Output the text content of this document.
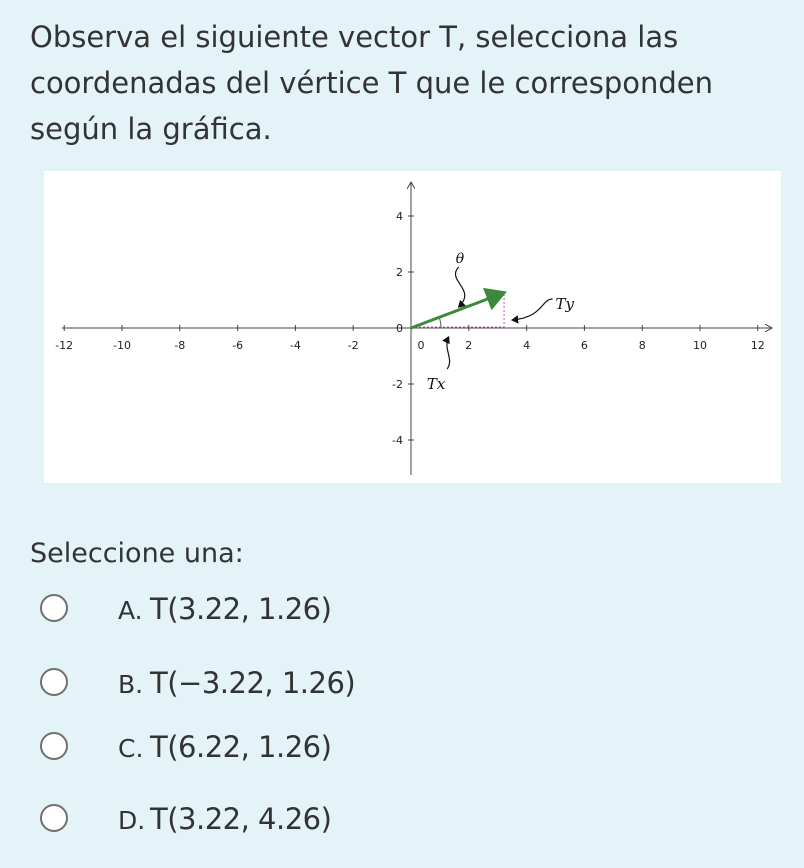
Observa el siguiente vector T, selecciona las
coordenadas del vértice T que le corresponden
según la gráfica.
-12	-10	-8	-6	-4	-2	2	4	6	8	10	12
0
4
2
0
-2
-4
θ
Ty
Tx
Seleccione una:
A. T(3.22, 1.26)
B. T(−3.22, 1.26)
C. T(6.22, 1.26)
D. T(3.22, 4.26)
